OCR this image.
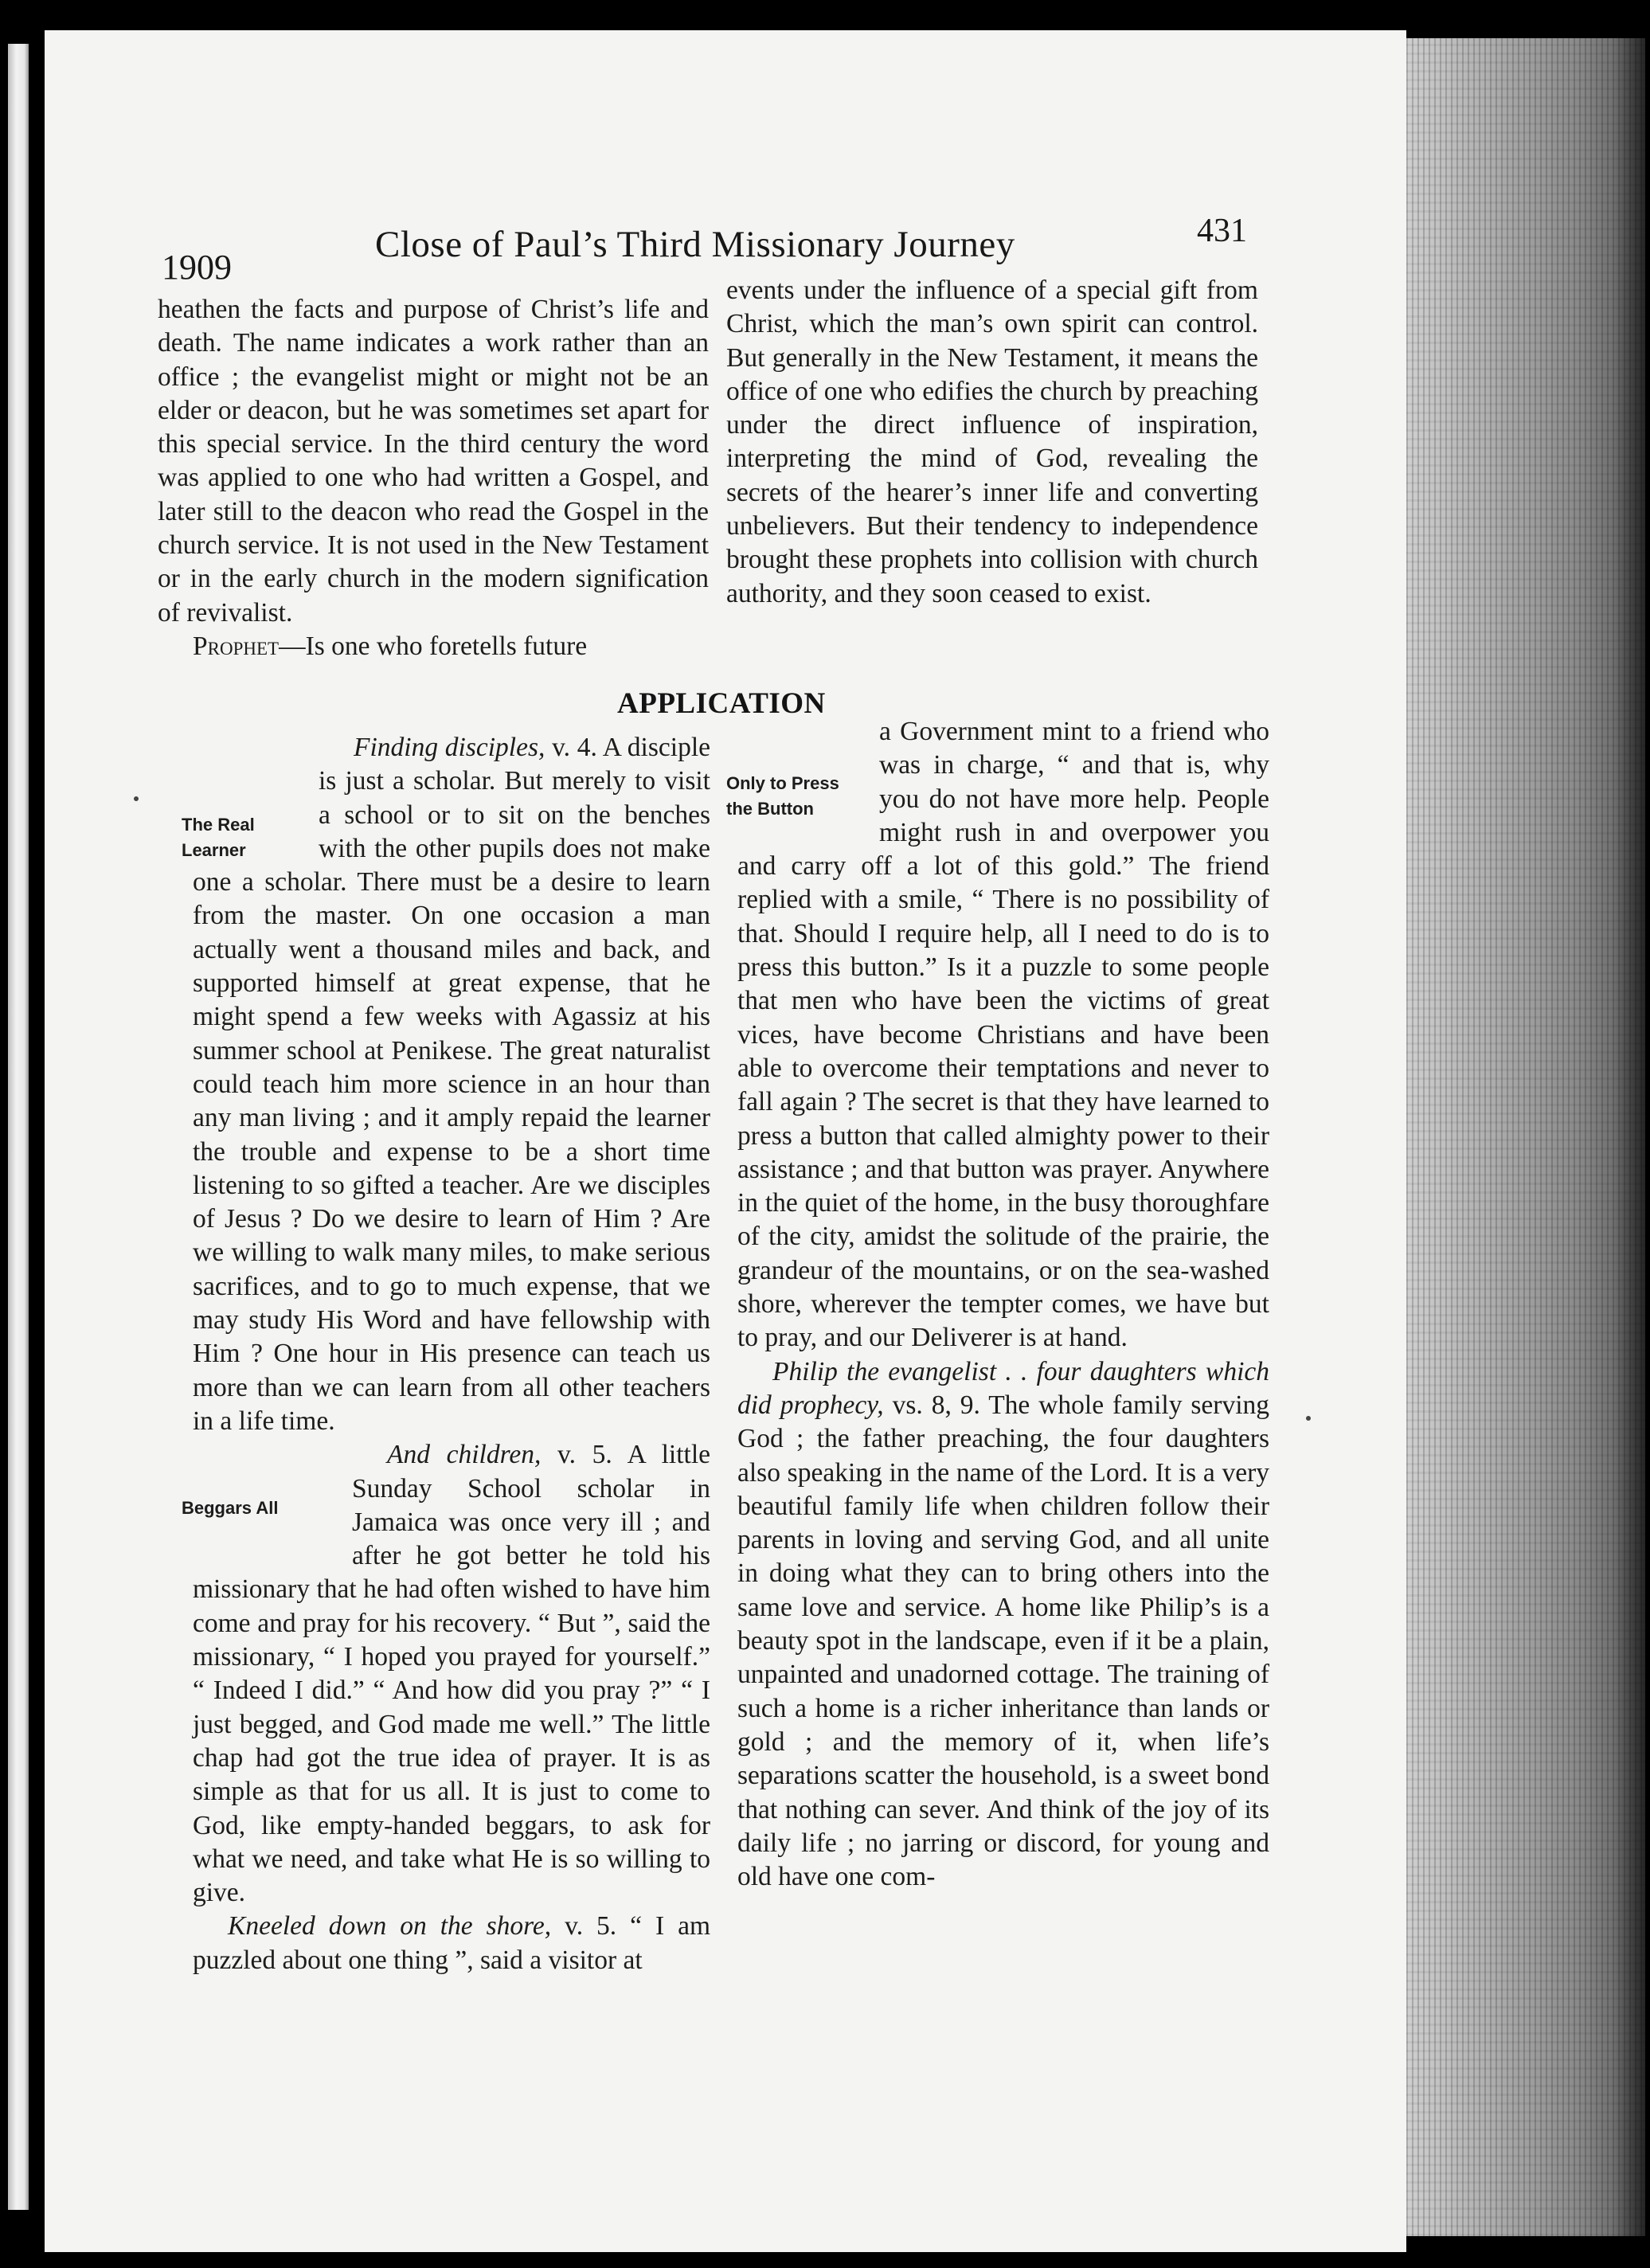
1909
Close of Paul’s Third Missionary Journey	431

heathen the facts and purpose of Christ’s life and death. The name indicates a work rather than an office ; the evangelist might or might not be an elder or deacon, but he was sometimes set apart for this special service. In the third century the word was applied to one who had written a Gospel, and later still to the deacon who read the Gospel in the church service. It is not used in the New Testament or in the early church in the modern signification of revivalist.

Prophet—Is one who foretells future

events under the influence of a special gift from Christ, which the man’s own spirit can control. But generally in the New Testament, it means the office of one who edifies the church by preaching under the direct influence of inspiration, interpreting the mind of God, revealing the secrets of the hearer’s inner life and converting unbelievers. But their tendency to independence brought these prophets into collision with church authority, and they soon ceased to exist.

APPLICATION
The Real Learner

Finding disciples, v. 4. A disciple is just a scholar. But merely to visit a school or to sit on the benches with the other pupils does not make one a scholar. There must be a desire to learn from the master. On one occasion a man actually went a thousand miles and back, and supported himself at great expense, that he might spend a few weeks with Agassiz at his summer school at Penikese. The great naturalist could teach him more science in an hour than any man living ; and it amply repaid the learner the trouble and expense to be a short time listening to so gifted a teacher. Are we disciples of Jesus ? Do we desire to learn of Him ? Are we willing to walk many miles, to make serious sacrifices, and to go to much expense, that we may study His Word and have fellowship with Him ? One hour in His presence can teach us more than we can learn from all other teachers in a life time.

Beggars All

And children, v. 5. A little Sunday School scholar in Jamaica was once very ill ; and after he got better he told his missionary that he had often wished to have him come and pray for his recovery. “ But ”, said the missionary, “ I hoped you prayed for yourself.” “ Indeed I did.” “ And how did you pray ?” “ I just begged, and God made me well.” The little chap had got the true idea of prayer. It is as simple as that for us all. It is just to come to God, like empty-handed beggars, to ask for what we need, and take what He is so willing to give.

Kneeled down on the shore, v. 5. “ I am puzzled about one thing ”, said a visitor at

Only to Press the Button

a Government mint to a friend who was in charge, “ and that is, why you do not have more help. People might rush in and overpower you and carry off a lot of this gold.” The friend replied with a smile, “ There is no possibility of that. Should I require help, all I need to do is to press this button.” Is it a puzzle to some people that men who have been the victims of great vices, have become Christians and have been able to overcome their temptations and never to fall again ? The secret is that they have learned to press a button that called almighty power to their assistance ; and that button was prayer. Anywhere in the quiet of the home, in the busy thoroughfare of the city, amidst the solitude of the prairie, the grandeur of the mountains, or on the sea-washed shore, wherever the tempter comes, we have but to pray, and our Deliverer is at hand.

Philip the evangelist . . four daughters which did prophecy, vs. 8, 9. The whole family serving God ; the father preaching, the four daughters also speaking in the name of the Lord. It is a very beautiful family life when children follow their parents in loving and serving God, and all unite in doing what they can to bring others into the same love and service. A home like Philip’s is a beauty spot in the landscape, even if it be a plain, unpainted and unadorned cottage. The training of such a home is a richer inheritance than lands or gold ; and the memory of it, when life’s separations scatter the household, is a sweet bond that nothing can sever. And think of the joy of its daily life ; no jarring or discord, for young and old have one com-
